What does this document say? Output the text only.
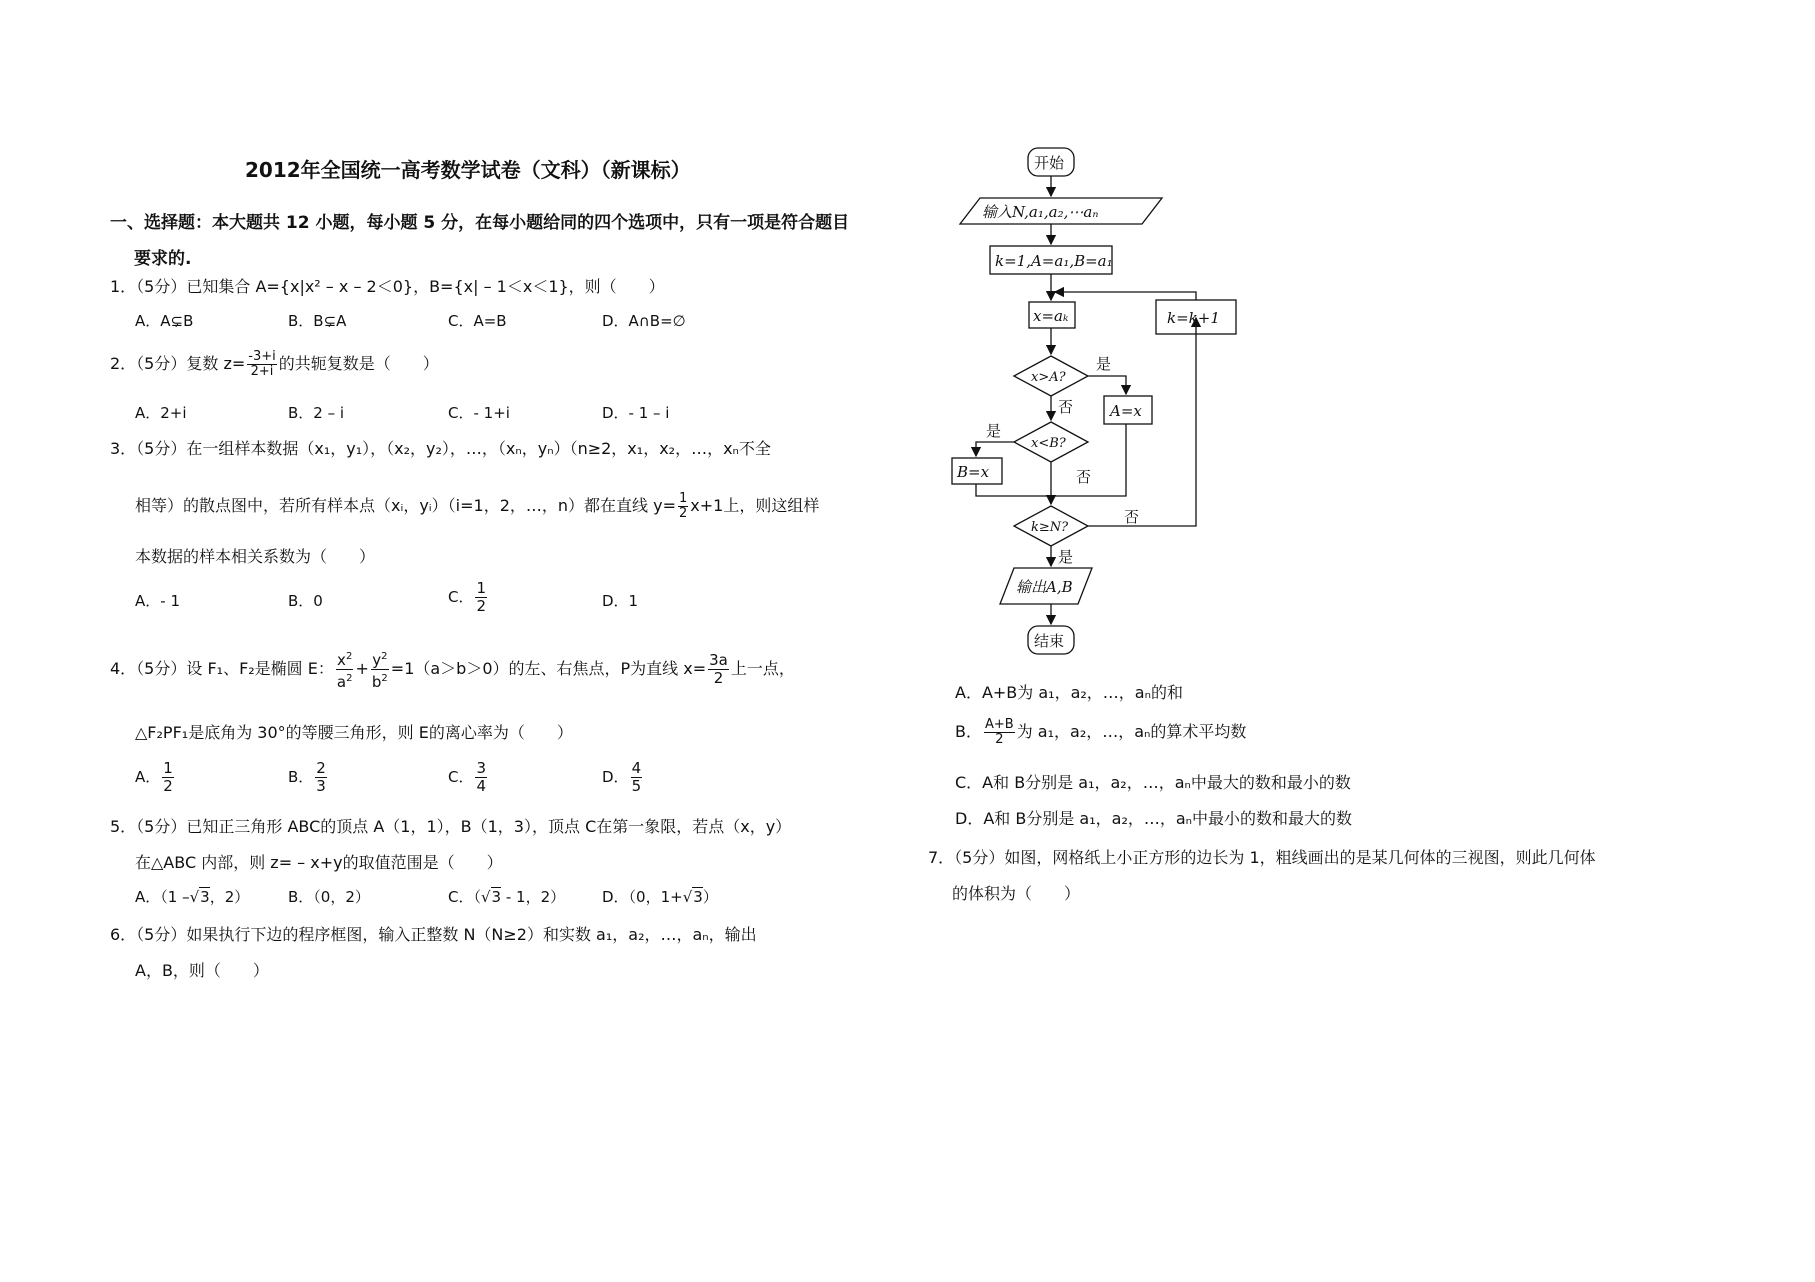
2012年全国统一高考数学试卷（文科）（新课标）
一、选择题：本大题共 12 小题，每小题 5 分，在每小题给同的四个选项中，只有一项是符合题目
要求的.
1．（5分）已知集合 A={x|x² – x – 2＜0}，B={x| – 1＜x＜1}，则（　　）
A．A⊊B	B．B⊊A	C．A=B	D．A∩B=∅
2．（5分）复数 $z= \frac{-3+i}{2+i}$ 的共轭复数是（　　）
A．2+i	B．2 – i	C．- 1+i	D．- 1 – i
3．（5分）在一组样本数据（x₁，y₁），（x₂，y₂），…，（xₙ，yₙ）（n≥2，x₁，x₂，…，xₙ不全
相等）的散点图中，若所有样本点（xᵢ，yᵢ）（i=1，2，…，n）都在直线 $y= \frac{1}{2} x+1$上，则这组样
本数据的样本相关系数为（　　）
A．- 1	B．0	C． $\frac{1}{2}$	D．1
4．（5分）设 F₁、F₂是椭圆 E： $\frac{x^2}{a^2} + \frac{y^2}{b^2} =1(a>b>0)$的左、右焦点，P为直线 $x= \frac{3a}{2}$ 上一点，
△F₂PF₁是底角为 30°的等腰三角形，则 E的离心率为（　　）
A． $\frac{1}{2}$	B． $\frac{2}{3}$	C． $\frac{3}{4}$	D． $\frac{4}{5}$
5．（5分）已知正三角形 ABC的顶点 A（1，1），B（1，3），顶点 C在第一象限，若点（x，y）
在△ABC 内部，则 z= – x+y的取值范围是（　　）
A．（1 –√3，2）	B．（0，2）	C．（√3 - 1，2） D．（0，1+√3）
6．（5分）如果执行下边的程序框图，输入正整数 N（N≥2）和实数 a₁，a₂，…，aₙ，输出
A，B，则（　　）
开始
输入N,a₁,a₂,⋯aₙ
k=1,A=a₁,B=a₁
x=aₖ	k=k+1
x>A?
是
否 A=x
x<B?
是
否
B=x
k≥N?
否
是
输出A,B
结束
A．A+B为 a₁，a₂，…，aₙ的和
B． $\frac{A+B}{2}$ 为 a₁，a₂，…，aₙ的算术平均数
C．A和 B分别是 a₁，a₂，…，aₙ中最大的数和最小的数
D．A和 B分别是 a₁，a₂，…，aₙ中最小的数和最大的数
7．（5分）如图，网格纸上小正方形的边长为 1，粗线画出的是某几何体的三视图，则此几何体
的体积为（　　）
